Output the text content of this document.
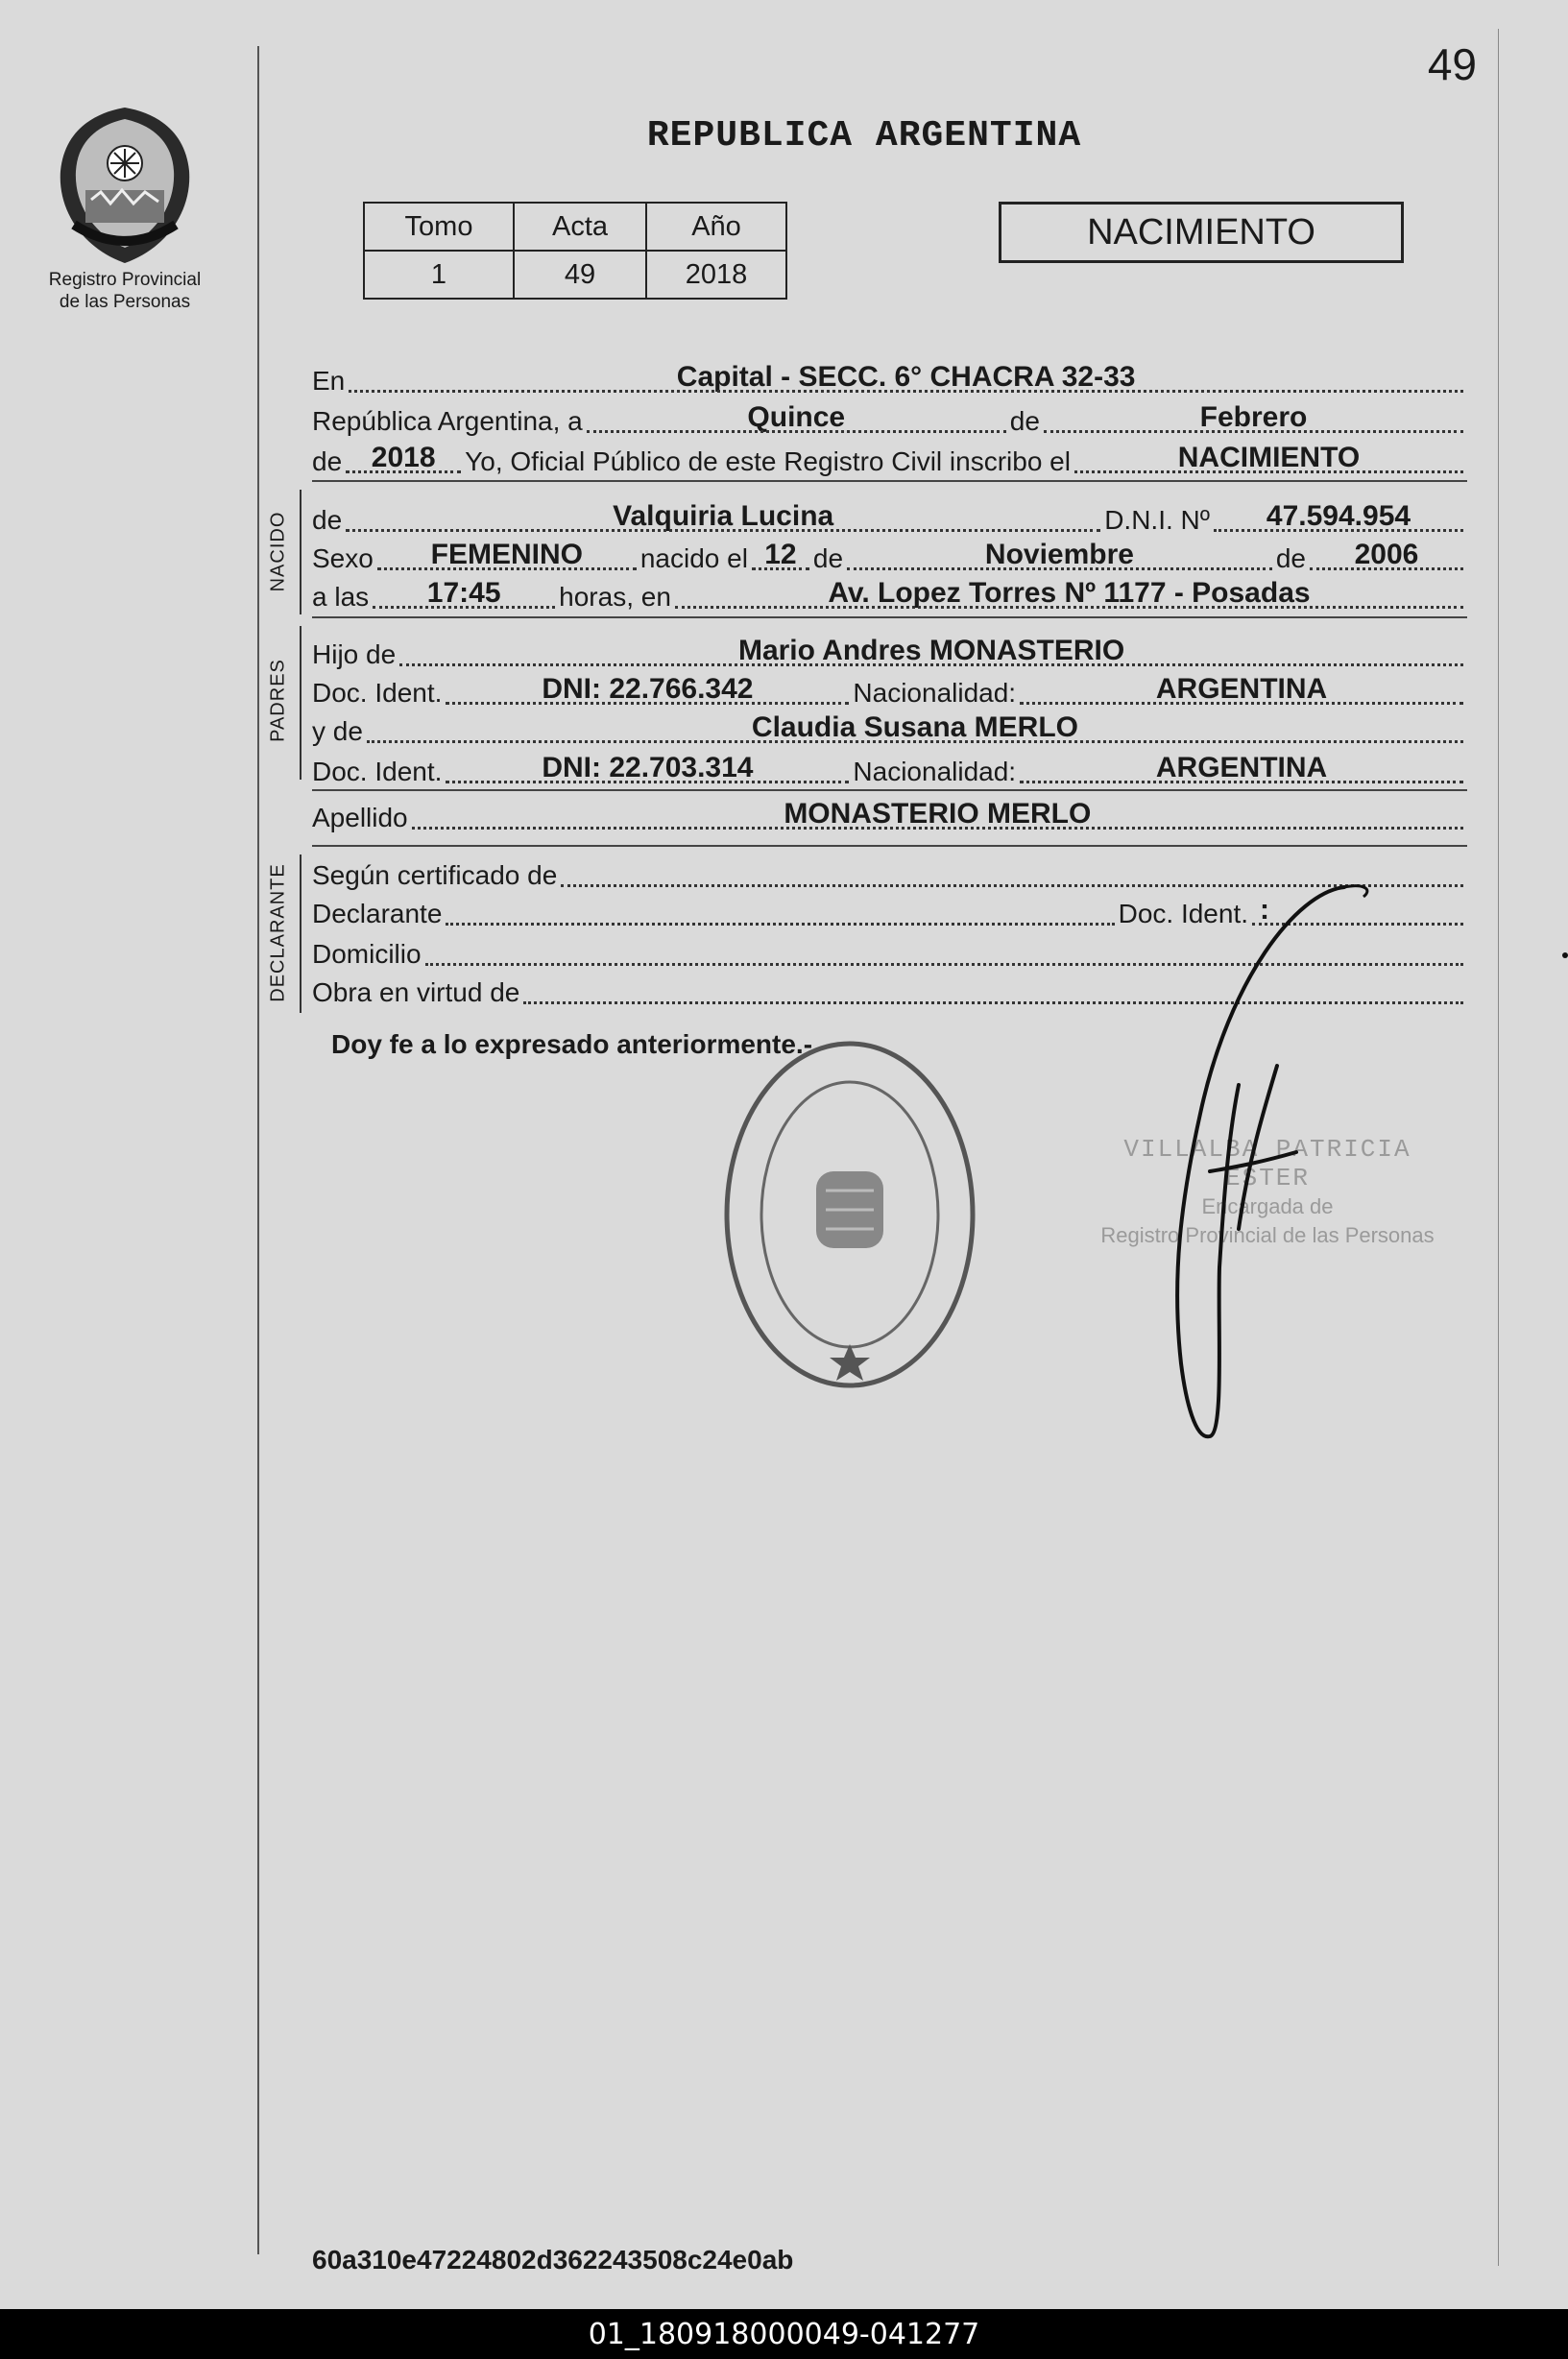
49
Registro Provincial
de las Personas
REPUBLICA ARGENTINA
Tomo	Acta	Año
1	49	2018
NACIMIENTO
En	Capital - SECC. 6° CHACRA 32-33
República Argentina, a	Quince	de	Febrero
de	2018	Yo, Oficial Público de este Registro Civil inscribo el	NACIMIENTO
NACIDO de	Valquiria Lucina	D.N.I. Nº	47.594.954
Sexo	FEMENINO	nacido el 12 de	Noviembre	de	2006
a las	17:45	horas, en	Av. Lopez Torres Nº 1177 - Posadas
PADRES
Hijo de	Mario Andres MONASTERIO
Doc. Ident.	DNI: 22.766.342	Nacionalidad:	ARGENTINA
y de	Claudia Susana MERLO
Doc. Ident.	DNI: 22.703.314	Nacionalidad:	ARGENTINA
Apellido	MONASTERIO MERLO
DECLARANTE Según certificado de
Declarante	Doc. Ident. :
Domicilio
Obra en virtud de
Doy fe a lo expresado anteriormente.-
VILLALBA PATRICIA ESTER
Encargada de
Registro Provincial de las Personas
60a310e47224802d362243508c24e0ab
01_180918000049-041277
